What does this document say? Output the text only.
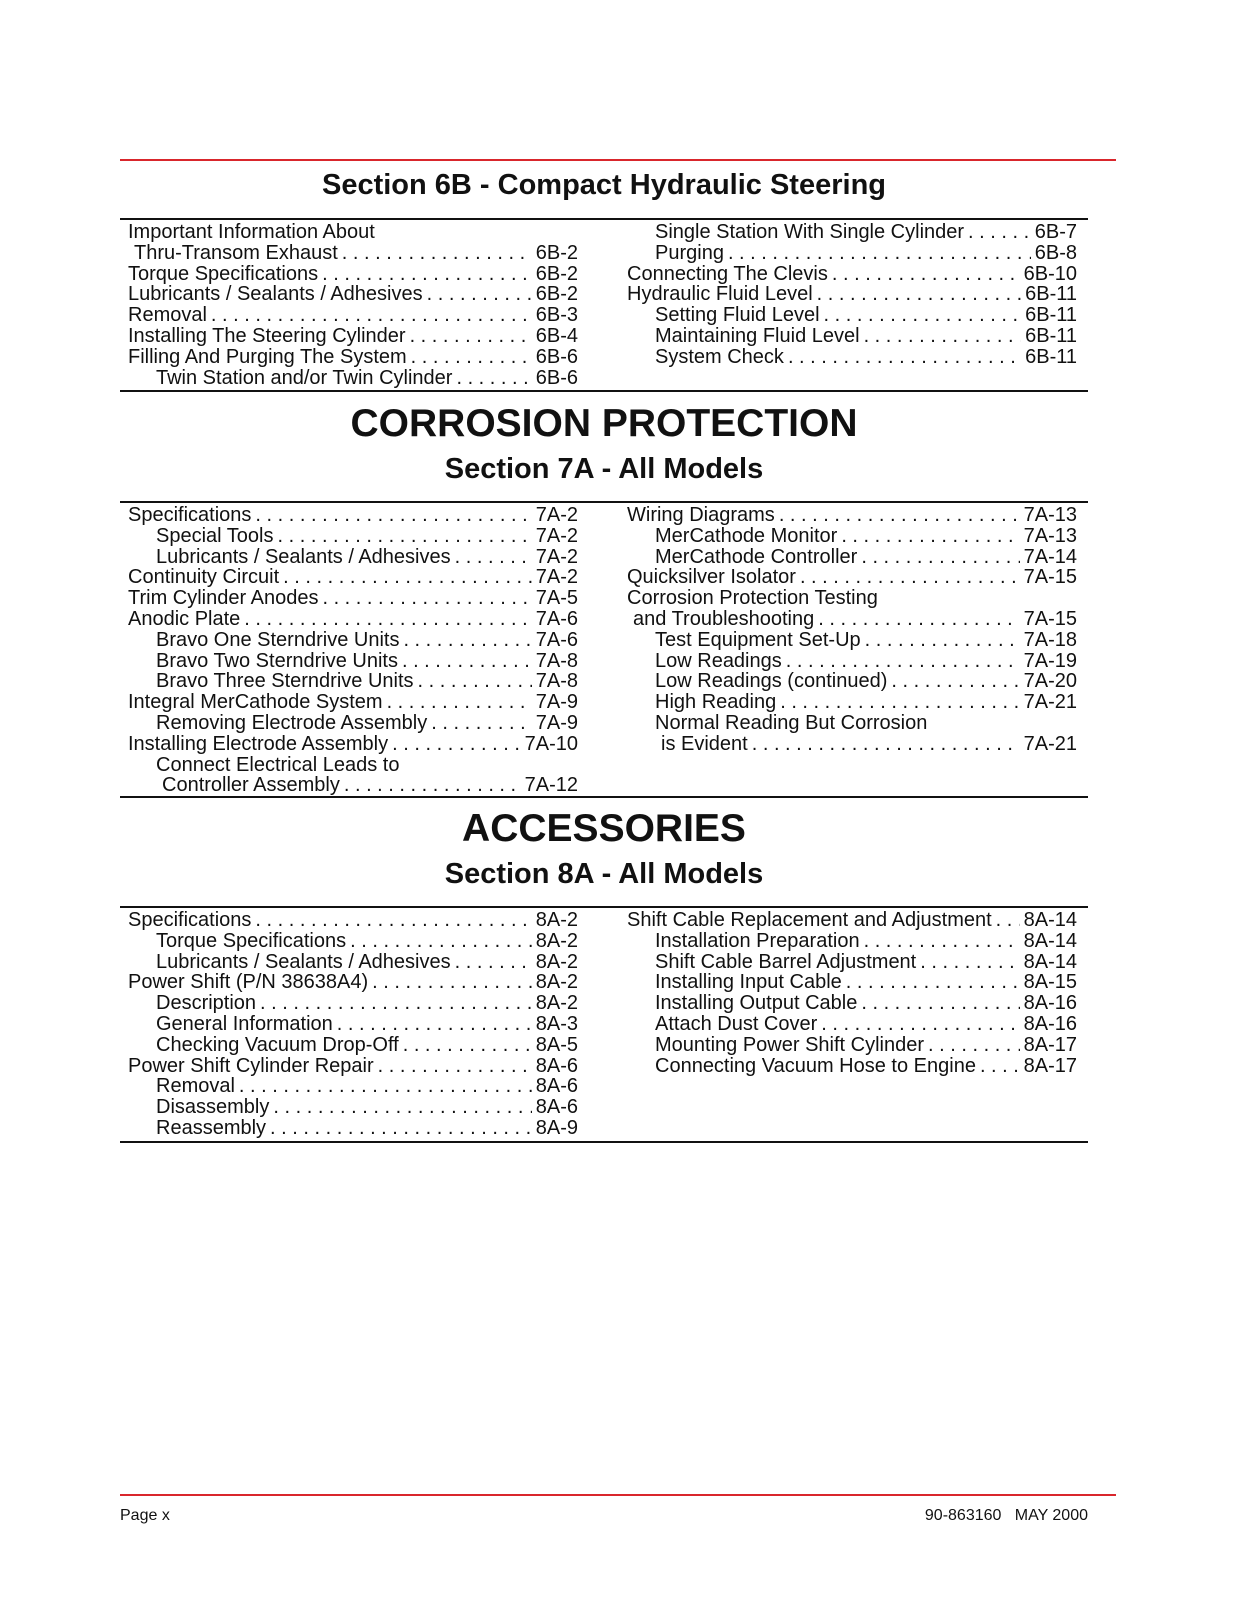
Section 6B - Compact Hydraulic Steering
Important Information About
Thru-Transom Exhaust . . .	6B-2
Torque Specifications . . .	6B-2
Lubricants / Sealants / Adhesives . . .	6B-2
Removal . . .	6B-3
Installing The Steering Cylinder . . .	6B-4
Filling And Purging The System . . .	6B-6
Twin Station and/or Twin Cylinder . . .	6B-6
Single Station With Single Cylinder . . .	6B-7
Purging . . .	6B-8
Connecting The Clevis . . .	6B-10
Hydraulic Fluid Level . . .	6B-11
Setting Fluid Level . . .	6B-11
Maintaining Fluid Level . . .	6B-11
System Check . . .	6B-11
CORROSION PROTECTION
Section 7A - All Models
Specifications . . .	7A-2
Special Tools . . .	7A-2
Lubricants / Sealants / Adhesives . . .	7A-2
Continuity Circuit . . .	7A-2
Trim Cylinder Anodes . . .	7A-5
Anodic Plate . . .	7A-6
Bravo One Sterndrive Units . . .	7A-6
Bravo Two Sterndrive Units . . .	7A-8
Bravo Three Sterndrive Units . . .	7A-8
Integral MerCathode System . . .	7A-9
Removing Electrode Assembly . . .	7A-9
Installing Electrode Assembly . . .	7A-10
Connect Electrical Leads to
Controller Assembly . . .	7A-12
Wiring Diagrams . . .	7A-13
MerCathode Monitor . . .	7A-13
MerCathode Controller . . .	7A-14
Quicksilver Isolator . . .	7A-15
Corrosion Protection Testing
and Troubleshooting . . .	7A-15
Test Equipment Set-Up . . .	7A-18
Low Readings . . .	7A-19
Low Readings (continued) . . .	7A-20
High Reading . . .	7A-21
Normal Reading But Corrosion
is Evident . . .	7A-21
ACCESSORIES
Section 8A - All Models
Specifications . . .	8A-2
Torque Specifications . . .	8A-2
Lubricants / Sealants / Adhesives . . .	8A-2
Power Shift (P/N 38638A4) . . .	8A-2
Description . . .	8A-2
General Information . . .	8A-3
Checking Vacuum Drop-Off . . .	8A-5
Power Shift Cylinder Repair . . .	8A-6
Removal . . .	8A-6
Disassembly . . .	8A-6
Reassembly . . .	8A-9
Shift Cable Replacement and Adjustment . . . 8A-14
Installation Preparation . . .	8A-14
Shift Cable Barrel Adjustment . . .	8A-14
Installing Input Cable . . .	8A-15
Installing Output Cable . . .	8A-16
Attach Dust Cover . . .	8A-16
Mounting Power Shift Cylinder . . .	8A-17
Connecting Vacuum Hose to Engine . . . 8A-17
Page x	90-863160   MAY 2000
